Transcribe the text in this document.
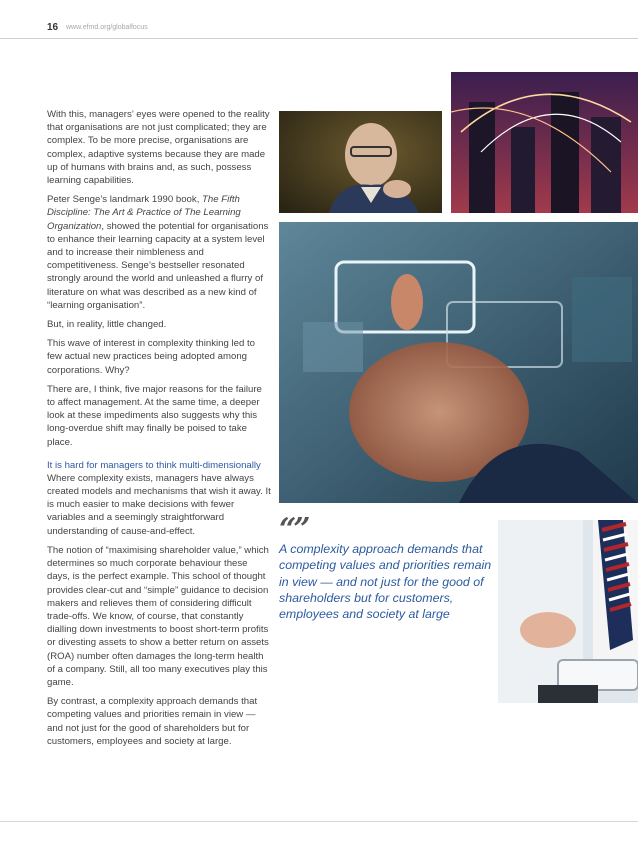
16 www.efmd.org/globalfocus

With this, managers’ eyes were opened to the reality that organisations are not just complicated; they are complex. To be more precise, organisations are complex, adaptive systems because they are made up of humans with brains and, as such, possess learning capabilities.

Peter Senge’s landmark 1990 book, The Fifth Discipline: The Art & Practice of The Learning Organization, showed the potential for organisations to enhance their learning capacity at a system level and to increase their nimbleness and competitiveness. Senge’s bestseller resonated strongly around the world and unleashed a flurry of literature on what was described as a new kind of “learning organisation”.

But, in reality, little changed.

This wave of interest in complexity thinking led to few actual new practices being adopted among corporations. Why?

There are, I think, five major reasons for the failure to affect management. At the same time, a deeper look at these impediments also suggests why this long-overdue shift may finally be poised to take place.

It is hard for managers to think multi-dimensionally

Where complexity exists, managers have always created models and mechanisms that wish it away. It is much easier to make decisions with fewer variables and a seemingly straightforward understanding of cause-and-effect.

The notion of “maximising shareholder value,” which determines so much corporate behaviour these days, is the perfect example. This school of thought provides clear-cut and “simple” guidance to decision makers and relieves them of considering difficult trade-offs. We know, of course, that constantly dialling down investments to boost short-term profits or divesting assets to show a better return on assets (ROA) number often damages the long-term health of a company. Still, all too many executives play this game.

By contrast, a complexity approach demands that competing values and priorities remain in view — and not just for the good of shareholders but for customers, employees and society at large.

“”
A complexity approach demands that competing values and priorities remain in view — and not just for the good of shareholders but for customers, employees and society at large
